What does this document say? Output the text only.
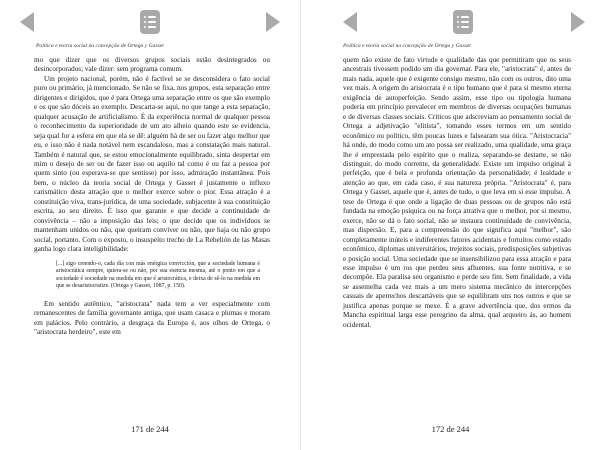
Política e teoria social na concepção de Ortega y Gasset

mo que dizer que os diversos grupos sociais estão desintegrados ou desincorporados; vale dizer: sem programa comum.

Um projeto nacional, porém, não é factível se se desconsidera o fato social puro ou primário, já mencionado. Se não se fixa, nos grupos, esta separação entre dirigentes e dirigidos, que é para Ortega uma separação entre os que são exemplo e os que são dóceis ao exemplo. Descarta-se aqui, no que tange a esta separação, qualquer acusação de artificialismo. É da experiência normal de qualquer pessoa o reconhecimento da superioridade de um ato alheio quando este se evidencia, seja qual for a esfera em que ela se dê: alguém há de ser ou fazer algo melhor que eu, e isso não é nada notável nem escandaloso, mas a constatação mais natural. Também é natural que, se estou emocionalmente equilibrado, sinta despertar em mim o desejo de ser ou de fazer isso ou aquilo tal como é ou faz a pessoa por quem sinto (ou esperava-se que sentisse) por isso, admiração instantânea. Pois bem, o núcleo da teoria social de Ortega y Gasset é justamente o influxo carismático desta atração que o melhor exerce sobre o pior. Essa atração é a constituição viva, trans-jurídica, de uma sociedade, subjacente à sua constituição escrita, ao seu direito. É isso que garante e que decide a continuidade de convivência – não a imposição das leis; o que decide que os indivíduos se mantenham unidos ou não, que queiram conviver ou não, que haja ou não grupo social, portanto. Com o exposto, o insuspeito trecho de La Rebelión de las Masas ganha logo clara inteligibilidade:

[...] sigo creendo-o, cada día con más enérgica convicción, que a sociedade humana é aristocrática sempre, quiera-se ou não, por sua esencia mesma, até o ponto em que a sociedade é sociedade na medida em que é aristocrática, e deixa de sê-lo na medida em que se desaristocratize. (Ortega y Gasset, 1987, p. 150).

Em sentido autêntico, "aristocrata" nada tem a ver especialmente com remanescentes de família governante antiga, que usam casaca e plumas e moram em palácios. Pelo contrário, a desgraça da Europa é, aos olhos de Ortega, o "aristocrata herdeiro", este em

171 de 244
Política e teoria social na concepção de Ortega y Gasset

quem não existe de fato virtude e qualidade das que permitiram que os seus ancestrais tivessem podido um dia governar. Para ele, "aristocrata" é, antes de mais nada, aquele que é exigente consigo mesmo, não com os outros, dito uma vez mais. A origem do aristocrata é o tipo humano que é para si mesmo eterna exigência de autoperfeição. Sendo assim, esse tipo ou tipologia humana poderia em princípio prevalecer em membros de diversas ocupações humanas e de diversas classes sociais. Críticos que adscreviam ao pensamento social de Ortega a adjetivação "elitista", tomando esses termos em um sentido econômico ou político, têm poucas luzes e falsearam sua ótica. "Aristocracia" há onde, do modo como um ato possa ser realizado, uma qualidade, uma graça lhe é emprestada pelo espírito que o realiza, separando-se destarte, se não distinguir, do modo corrente, da generalidade. Existe um impulso original à perfeição, que é bela e profunda orientação da personalidade; é lealdade e atenção ao que, em cada caso, é sua natureza própria. "Aristocrata" é, para Ortega y Gasset, aquele que é, antes de tudo, o que leva em si esse impulso. A tese de Ortega é que onde a ligação de duas pessoas ou de grupos não está fundada na emoção psíquica ou na força atrativa que o melhor, por si mesmo, exerce, não se dá o fato social, não se instaura continuidade de convivência, mas dispersão. E, para a compreensão do que significa aqui "melhor", são completamente inúteis e indiferentes fatores acidentais e fortuitos como estado econômico, diplomas universitários, trejeitos sociais, predisposições subjetivas e posição social. Uma sociedade que se insensibilizou para essa atração e para esse impulso é um ros que perdeu seus afluentes, sua fonte nutritiva, e se decompõe. Ela paralisa seu organismo e perde seu fim. Sem finalidade, a vida se assemelha cada vez mais a um mero sistema mecânico de intercepções casuais de apetrechos descartáveis que se equilibram uns nos outros e que se justifica apenas porque se mexe. É a grave advertência que, dos ermos da Mancha espiritual larga esse peregrino da alma, qual arqueiro ás, ao homem ocidental.

172 de 244
